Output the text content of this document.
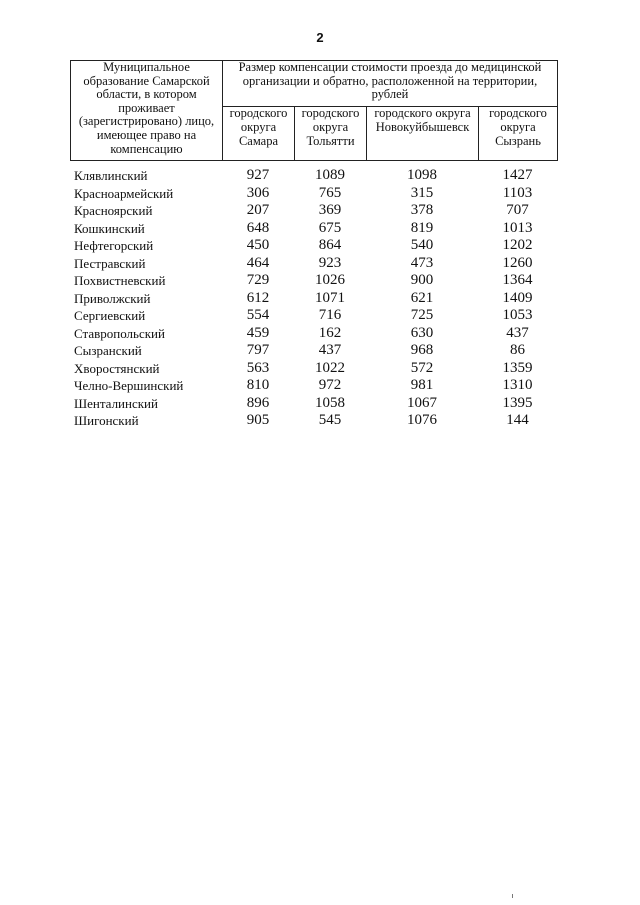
2
Муниципальное образование Самарской области, в котором проживает (зарегистрировано) лицо, имеющее право на компенсацию	Размер компенсации стоимости проезда до медицинской организации и обратно, расположенной на территории, рублей			
	городского округа Самара	городского округа Тольятти	городского округа Новокуйбышевск	городского округа Сызрань
Клявлинский	927	1089	1098	1427
Красноармейский	306	765	315	1103
Красноярский	207	369	378	707
Кошкинский	648	675	819	1013
Нефтегорский	450	864	540	1202
Пестравский	464	923	473	1260
Похвистневский	729	1026	900	1364
Приволжский	612	1071	621	1409
Сергиевский	554	716	725	1053
Ставропольский	459	162	630	437
Сызранский	797	437	968	86
Хворостянский	563	1022	572	1359
Челно-Вершинский	810	972	981	1310
Шенталинский	896	1058	1067	1395
Шигонский	905	545	1076	144
